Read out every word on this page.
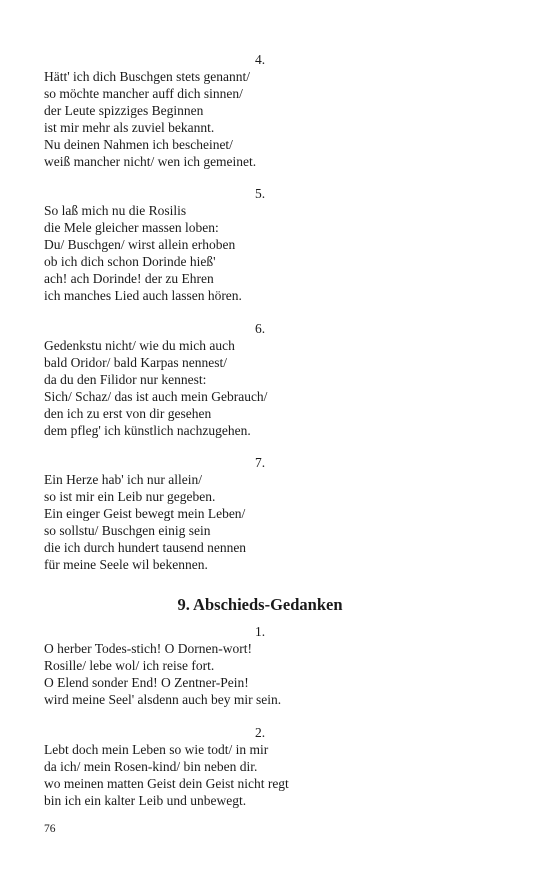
4.
Hätt' ich dich Buschgen stets genannt/
so möchte mancher auff dich sinnen/
der Leute spizziges Beginnen
ist mir mehr als zuviel bekannt.
Nu deinen Nahmen ich bescheinet/
weiß mancher nicht/ wen ich gemeinet.
5.
So laß mich nu die Rosilis
die Mele gleicher massen loben:
Du/ Buschgen/ wirst allein erhoben
ob ich dich schon Dorinde hieß'
ach! ach Dorinde! der zu Ehren
ich manches Lied auch lassen hören.
6.
Gedenkstu nicht/ wie du mich auch
bald Oridor/ bald Karpas nennest/
da du den Filidor nur kennest:
Sich/ Schaz/ das ist auch mein Gebrauch/
den ich zu erst von dir gesehen
dem pfleg' ich künstlich nachzugehen.
7.
Ein Herze hab' ich nur allein/
so ist mir ein Leib nur gegeben.
Ein einger Geist bewegt mein Leben/
so sollstu/ Buschgen einig sein
die ich durch hundert tausend nennen
für meine Seele wil bekennen.
9. Abschieds-Gedanken
1.
O herber Todes-stich! O Dornen-wort!
Rosille/ lebe wol/ ich reise fort.
O Elend sonder End! O Zentner-Pein!
wird meine Seel' alsdenn auch bey mir sein.
2.
Lebt doch mein Leben so wie todt/ in mir
da ich/ mein Rosen-kind/ bin neben dir.
wo meinen matten Geist dein Geist nicht regt
bin ich ein kalter Leib und unbewegt.
76
